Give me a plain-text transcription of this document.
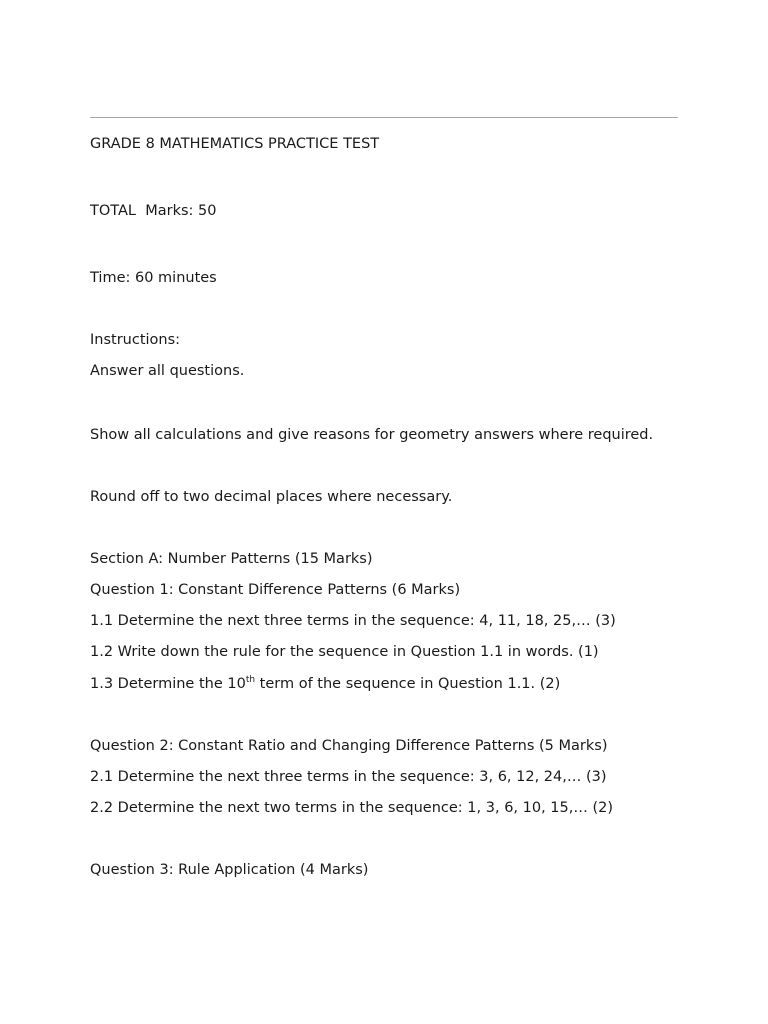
GRADE 8 MATHEMATICS PRACTICE TEST
TOTAL  Marks: 50
Time: 60 minutes
Instructions:
Answer all questions.
Show all calculations and give reasons for geometry answers where required.
Round off to two decimal places where necessary.
Section A: Number Patterns (15 Marks)
Question 1: Constant Difference Patterns (6 Marks)
1.1 Determine the next three terms in the sequence: 4, 11, 18, 25,… (3)
1.2 Write down the rule for the sequence in Question 1.1 in words. (1)
1.3 Determine the 10th term of the sequence in Question 1.1. (2)
Question 2: Constant Ratio and Changing Difference Patterns (5 Marks)
2.1 Determine the next three terms in the sequence: 3, 6, 12, 24,… (3)
2.2 Determine the next two terms in the sequence: 1, 3, 6, 10, 15,… (2)
Question 3: Rule Application (4 Marks)
